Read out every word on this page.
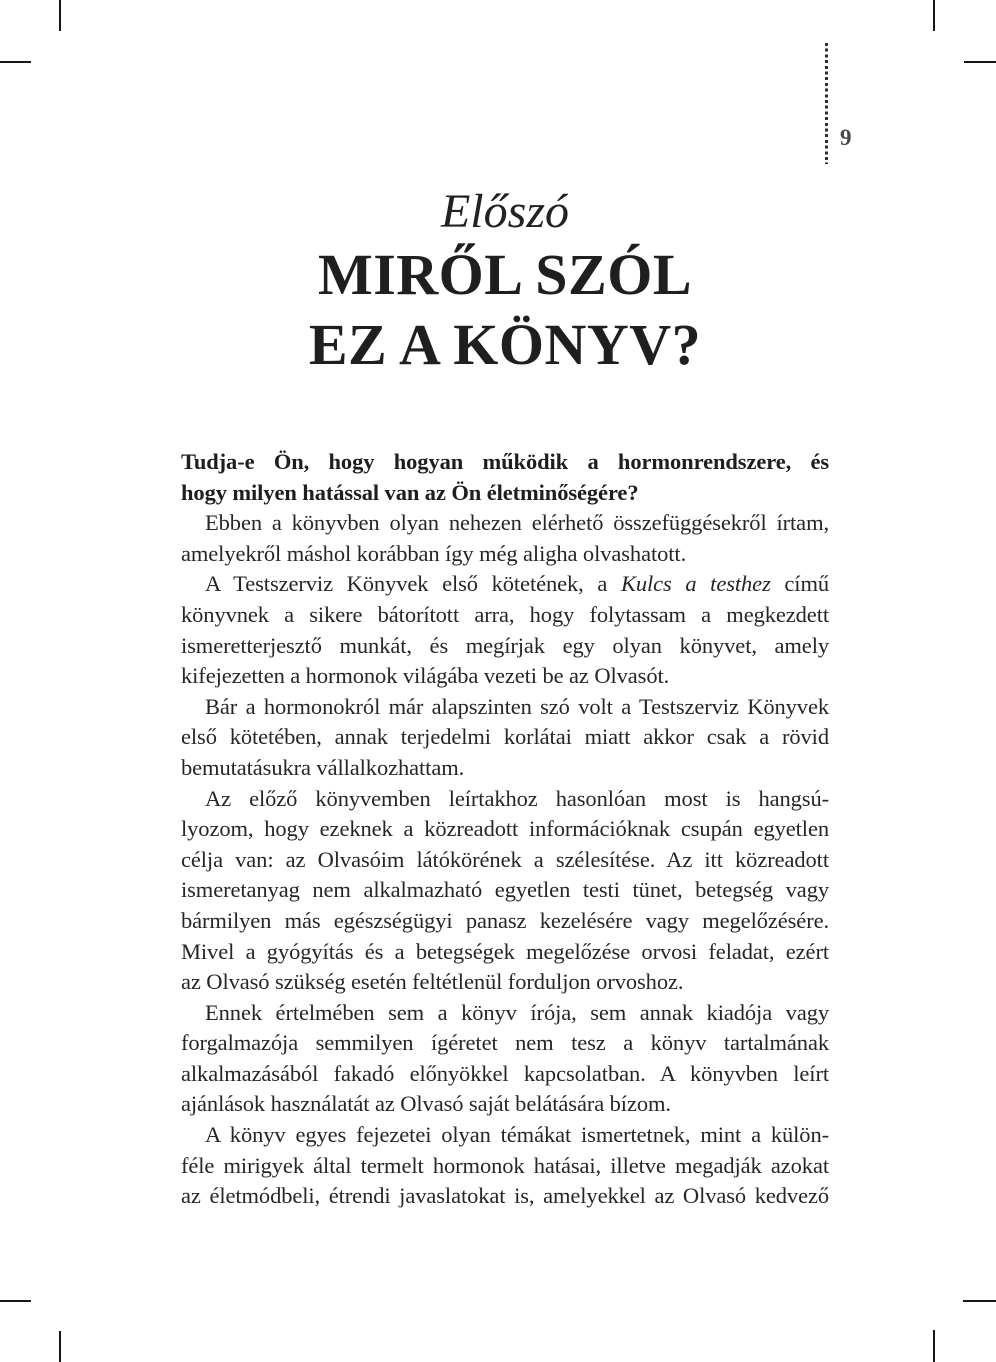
9
Előszó
MIRŐL SZÓL
EZ A KÖNYV?
Tudja-e Ön, hogy hogyan működik a hormonrendszere, és
hogy milyen hatással van az Ön életminőségére?
Ebben a könyvben olyan nehezen elérhető összefüggésekről írtam,
amelyekről máshol korábban így még aligha olvashatott.
A Testszerviz Könyvek első kötetének, a Kulcs a testhez című
könyvnek a sikere bátorított arra, hogy folytassam a megkezdett
ismeretterjesztő munkát, és megírjak egy olyan könyvet, amely
kifejezetten a hormonok világába vezeti be az Olvasót.
Bár a hormonokról már alapszinten szó volt a Testszerviz Könyvek
első kötetében, annak terjedelmi korlátai miatt akkor csak a rövid
bemutatásukra vállalkozhattam.
Az előző könyvemben leírtakhoz hasonlóan most is hangsú-
lyozom, hogy ezeknek a közreadott információknak csupán egyetlen
célja van: az Olvasóim látókörének a szélesítése. Az itt közreadott
ismeretanyag nem alkalmazható egyetlen testi tünet, betegség vagy
bármilyen más egészségügyi panasz kezelésére vagy megelőzésére.
Mivel a gyógyítás és a betegségek megelőzése orvosi feladat, ezért
az Olvasó szükség esetén feltétlenül forduljon orvoshoz.
Ennek értelmében sem a könyv írója, sem annak kiadója vagy
forgalmazója semmilyen ígéretet nem tesz a könyv tartalmának
alkalmazásából fakadó előnyökkel kapcsolatban. A könyvben leírt
ajánlások használatát az Olvasó saját belátására bízom.
A könyv egyes fejezetei olyan témákat ismertetnek, mint a külön-
féle mirigyek által termelt hormonok hatásai, illetve megadják azokat
az életmódbeli, étrendi javaslatokat is, amelyekkel az Olvasó kedvező
